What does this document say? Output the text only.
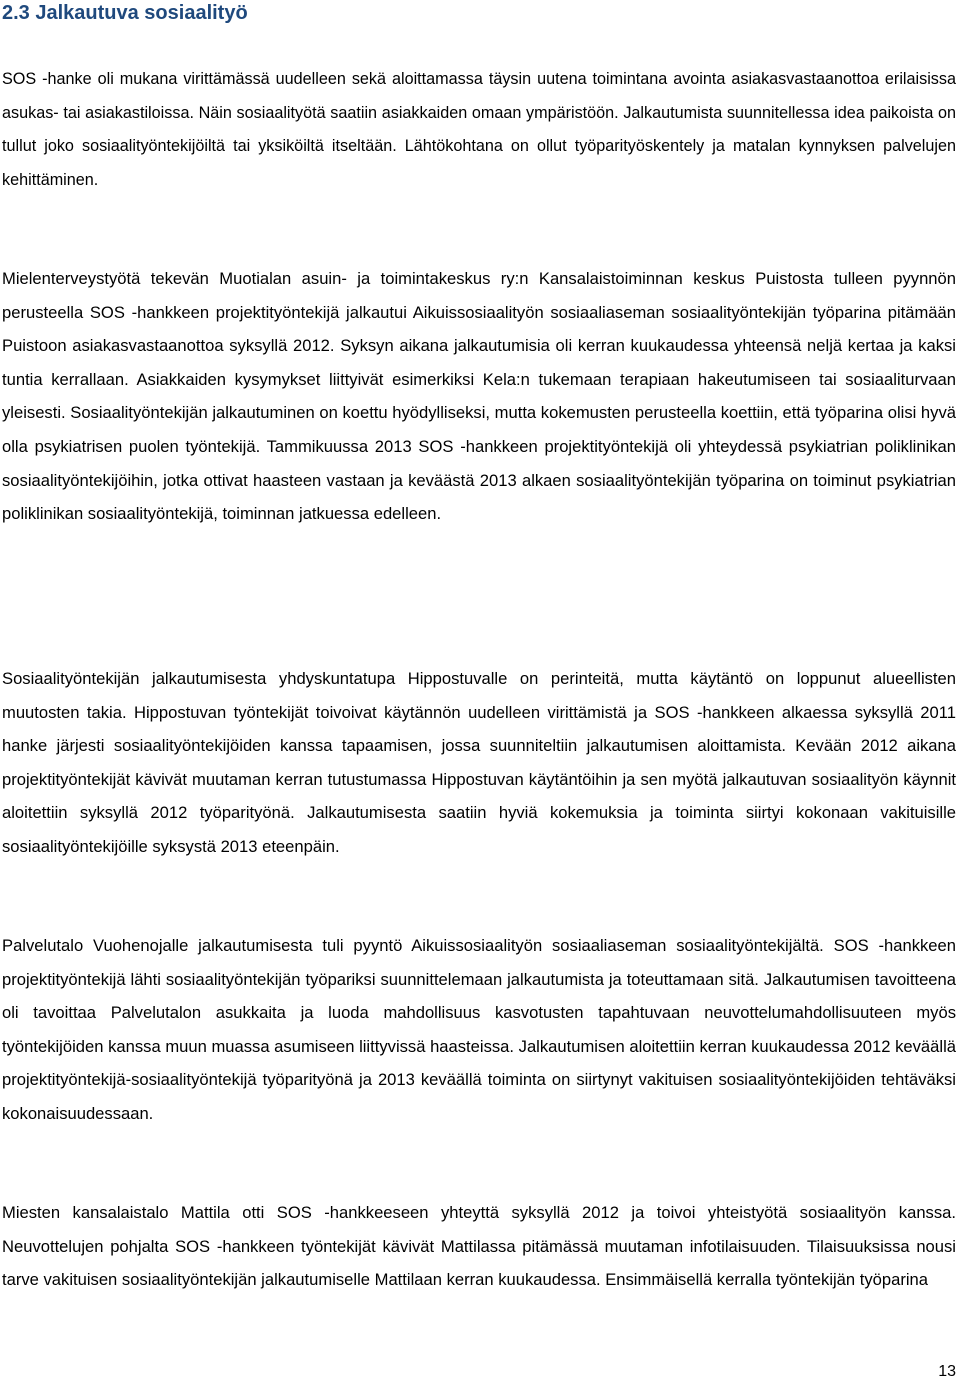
2.3 Jalkautuva sosiaalityö

SOS -hanke oli mukana virittämässä uudelleen sekä aloittamassa täysin uutena toimintana avointa asiakasvastaanottoa erilaisissa asukas- tai asiakastiloissa. Näin sosiaalityötä saatiin asiakkaiden omaan ympäristöön. Jalkautumista suunnitellessa idea paikoista on tullut joko sosiaalityöntekijöiltä tai yksiköiltä itseltään. Lähtökohtana on ollut työparityöskentely ja matalan kynnyksen palvelujen kehittäminen.

Mielenterveystyötä tekevän Muotialan asuin- ja toimintakeskus ry:n Kansalaistoiminnan keskus Puistosta tulleen pyynnön perusteella SOS -hankkeen projektityöntekijä jalkautui Aikuissosiaalityön sosiaaliaseman sosiaalityöntekijän työparina pitämään Puistoon asiakasvastaanottoa syksyllä 2012. Syksyn aikana jalkautumisia oli kerran kuukaudessa yhteensä neljä kertaa ja kaksi tuntia kerrallaan. Asiakkaiden kysymykset liittyivät esimerkiksi Kela:n tukemaan terapiaan hakeutumiseen tai sosiaaliturvaan yleisesti. Sosiaalityöntekijän jalkautuminen on koettu hyödylliseksi, mutta kokemusten perusteella koettiin, että työparina olisi hyvä olla psykiatrisen puolen työntekijä. Tammikuussa 2013 SOS -hankkeen projektityöntekijä oli yhteydessä psykiatrian poliklinikan sosiaalityöntekijöihin, jotka ottivat haasteen vastaan ja keväästä 2013 alkaen sosiaalityöntekijän työparina on toiminut psykiatrian poliklinikan sosiaalityöntekijä, toiminnan jatkuessa edelleen.

Sosiaalityöntekijän jalkautumisesta yhdyskuntatupa Hippostuvalle on perinteitä, mutta käytäntö on loppunut alueellisten muutosten takia. Hippostuvan työntekijät toivoivat käytännön uudelleen virittämistä ja SOS -hankkeen alkaessa syksyllä 2011 hanke järjesti sosiaalityöntekijöiden kanssa tapaamisen, jossa suunniteltiin jalkautumisen aloittamista. Kevään 2012 aikana projektityöntekijät kävivät muutaman kerran tutustumassa Hippostuvan käytäntöihin ja sen myötä jalkautuvan sosiaalityön käynnit aloitettiin syksyllä 2012 työparityönä. Jalkautumisesta saatiin hyviä kokemuksia ja toiminta siirtyi kokonaan vakituisille sosiaalityöntekijöille syksystä 2013 eteenpäin.

Palvelutalo Vuohenojalle jalkautumisesta tuli pyyntö Aikuissosiaalityön sosiaaliaseman sosiaalityöntekijältä. SOS -hankkeen projektityöntekijä lähti sosiaalityöntekijän työpariksi suunnittelemaan jalkautumista ja toteuttamaan sitä. Jalkautumisen tavoitteena oli tavoittaa Palvelutalon asukkaita ja luoda mahdollisuus kasvotusten tapahtuvaan neuvottelumahdollisuuteen myös työntekijöiden kanssa muun muassa asumiseen liittyvissä haasteissa. Jalkautumisen aloitettiin kerran kuukaudessa 2012 keväällä projektityöntekijä-sosiaalityöntekijä työparityönä ja 2013 keväällä toiminta on siirtynyt vakituisen sosiaalityöntekijöiden tehtäväksi kokonaisuudessaan.

Miesten kansalaistalo Mattila otti SOS -hankkeeseen yhteyttä syksyllä 2012 ja toivoi yhteistyötä sosiaalityön kanssa. Neuvottelujen pohjalta SOS -hankkeen työntekijät kävivät Mattilassa pitämässä muutaman infotilaisuuden. Tilaisuuksissa nousi tarve vakituisen sosiaalityöntekijän jalkautumiselle Mattilaan kerran kuukaudessa. Ensimmäisellä kerralla työntekijän työparina

13
